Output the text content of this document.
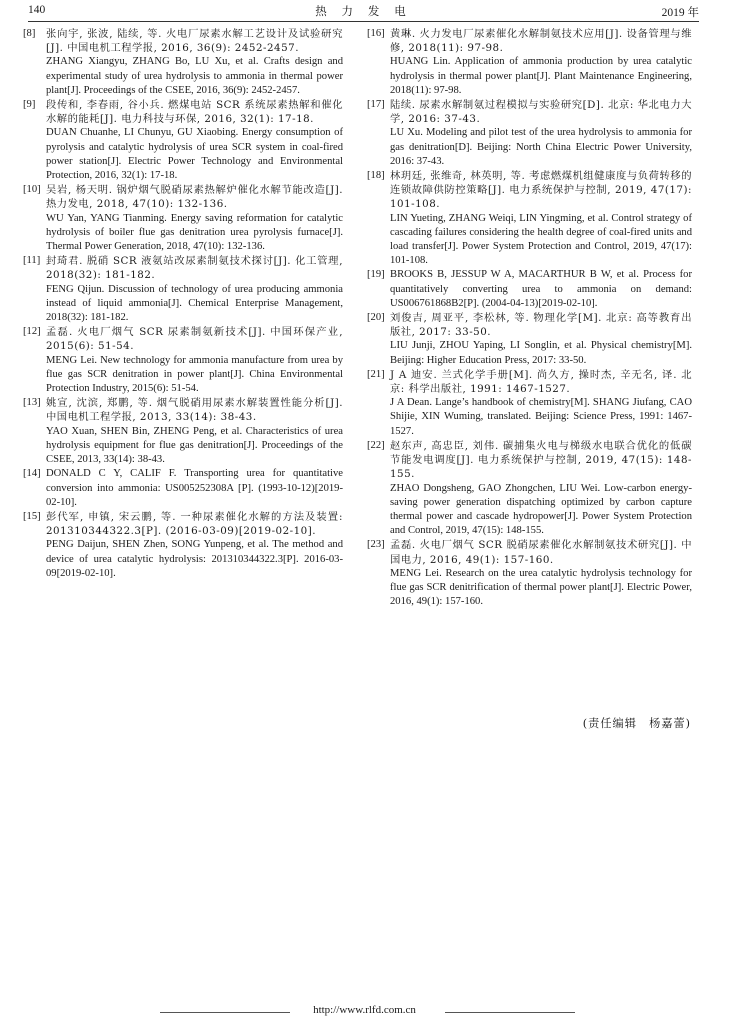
140	热 力 发 电	2019 年

[8] 张向宇, 张波, 陆续, 等. 火电厂尿素水解工艺设计及试验研究[J]. 中国电机工程学报, 2016, 36(9): 2452-2457.
ZHANG Xiangyu, ZHANG Bo, LU Xu, et al. Crafts design and experimental study of urea hydrolysis to ammonia in thermal power plant[J]. Proceedings of the CSEE, 2016, 36(9): 2452-2457.

[9] 段传和, 李春雨, 谷小兵. 燃煤电站 SCR 系统尿素热解和催化水解的能耗[J]. 电力科技与环保, 2016, 32(1): 17-18.
DUAN Chuanhe, LI Chunyu, GU Xiaobing. Energy consumption of pyrolysis and catalytic hydrolysis of urea SCR system in coal-fired power station[J]. Electric Power Technology and Environmental Protection, 2016, 32(1): 17-18.

[10] 吴岩, 杨天明. 锅炉烟气脱硝尿素热解炉催化水解节能改造[J]. 热力发电, 2018, 47(10): 132-136.
WU Yan, YANG Tianming. Energy saving reformation for catalytic hydrolysis of boiler flue gas denitration urea pyrolysis furnace[J]. Thermal Power Generation, 2018, 47(10): 132-136.

[11] 封琦君. 脱硝 SCR 液氨站改尿素制氨技术探讨[J]. 化工管理, 2018(32): 181-182.
FENG Qijun. Discussion of technology of urea producing ammonia instead of liquid ammonia[J]. Chemical Enterprise Management, 2018(32): 181-182.

[12] 孟磊. 火电厂烟气 SCR 尿素制氨新技术[J]. 中国环保产业, 2015(6): 51-54.
MENG Lei. New technology for ammonia manufacture from urea by flue gas SCR denitration in power plant[J]. China Environmental Protection Industry, 2015(6): 51-54.

[13] 姚宣, 沈滨, 郑鹏, 等. 烟气脱硝用尿素水解装置性能分析[J]. 中国电机工程学报, 2013, 33(14): 38-43.
YAO Xuan, SHEN Bin, ZHENG Peng, et al. Characteristics of urea hydrolysis equipment for flue gas denitration[J]. Proceedings of the CSEE, 2013, 33(14): 38-43.

[14] DONALD C Y, CALIF F. Transporting urea for quantitative conversion into ammonia: US005252308A [P]. (1993-10-12)[2019-02-10].

[15] 彭代军, 申镇, 宋云鹏, 等. 一种尿素催化水解的方法及装置: 201310344322.3[P]. (2016-03-09)[2019-02-10].
PENG Daijun, SHEN Zhen, SONG Yunpeng, et al. The method and device of urea catalytic hydrolysis: 201310344322.3[P]. 2016-03-09[2019-02-10].

[16] 黄琳. 火力发电厂尿素催化水解制氨技术应用[J]. 设备管理与维修, 2018(11): 97-98.
HUANG Lin. Application of ammonia production by urea catalytic hydrolysis in thermal power plant[J]. Plant Maintenance Engineering, 2018(11): 97-98.

[17] 陆续. 尿素水解制氨过程模拟与实验研究[D]. 北京: 华北电力大学, 2016: 37-43.
LU Xu. Modeling and pilot test of the urea hydrolysis to ammonia for gas denitration[D]. Beijing: North China Electric Power University, 2016: 37-43.

[18] 林玥廷, 张维奇, 林英明, 等. 考虑燃煤机组健康度与负荷转移的连锁故障供防控策略[J]. 电力系统保护与控制, 2019, 47(17): 101-108.
LIN Yueting, ZHANG Weiqi, LIN Yingming, et al. Control strategy of cascading failures considering the health degree of coal-fired units and load transfer[J]. Power System Protection and Control, 2019, 47(17): 101-108.

[19] BROOKS B, JESSUP W A, MACARTHUR B W, et al. Process for quantitatively converting urea to ammonia on demand: US006761868B2[P]. (2004-04-13)[2019-02-10].

[20] 刘俊吉, 周亚平, 李松林, 等. 物理化学[M]. 北京: 高等教育出版社, 2017: 33-50.
LIU Junji, ZHOU Yaping, LI Songlin, et al. Physical chemistry[M]. Beijing: Higher Education Press, 2017: 33-50.

[21] J A 迪安. 兰式化学手册[M]. 尚久方, 操时杰, 辛无名, 译. 北京: 科学出版社, 1991: 1467-1527.
J A Dean. Lange’s handbook of chemistry[M]. SHANG Jiufang, CAO Shijie, XIN Wuming, translated. Beijing: Science Press, 1991: 1467-1527.

[22] 赵东声, 高忠臣, 刘伟. 碳捕集火电与梯级水电联合优化的低碳节能发电调度[J]. 电力系统保护与控制, 2019, 47(15): 148-155.
ZHAO Dongsheng, GAO Zhongchen, LIU Wei. Low-carbon energy-saving power generation dispatching optimized by carbon capture thermal power and cascade hydropower[J]. Power System Protection and Control, 2019, 47(15): 148-155.

[23] 孟磊. 火电厂烟气 SCR 脱硝尿素催化水解制氨技术研究[J]. 中国电力, 2016, 49(1): 157-160.
MENG Lei. Research on the urea catalytic hydrolysis technology for flue gas SCR denitrification of thermal power plant[J]. Electric Power, 2016, 49(1): 157-160.

(责任编辑　杨嘉蕾)
http://www.rlfd.com.cn
